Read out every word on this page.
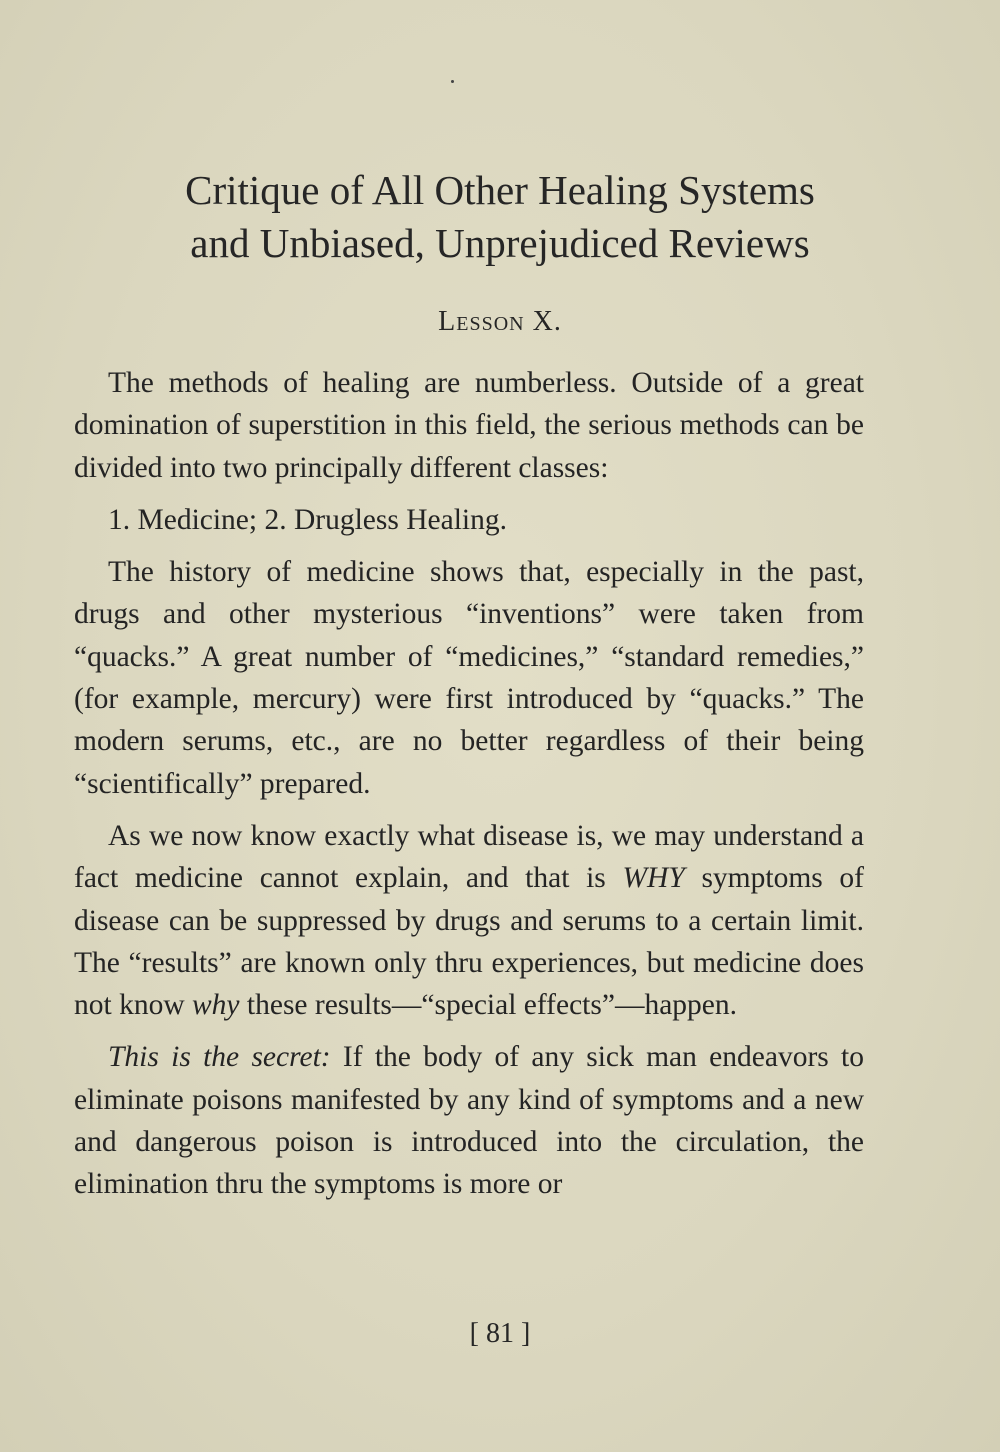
Critique of All Other Healing Systems
and Unbiased, Unprejudiced Reviews
Lesson X.

The methods of healing are numberless. Outside of a great domination of superstition in this field, the serious methods can be divided into two principally different classes:

1. Medicine; 2. Drugless Healing.

The history of medicine shows that, especially in the past, drugs and other mysterious “inventions” were taken from “quacks.” A great number of “medicines,” “standard remedies,” (for example, mercury) were first introduced by “quacks.” The modern serums, etc., are no better regardless of their being “scientifically” prepared.

As we now know exactly what disease is, we may understand a fact medicine cannot explain, and that is WHY symptoms of disease can be suppressed by drugs and serums to a certain limit. The “results” are known only thru experiences, but medicine does not know why these results—“special effects”—happen.

This is the secret: If the body of any sick man endeavors to eliminate poisons manifested by any kind of symptoms and a new and dangerous poison is introduced into the circulation, the elimination thru the symptoms is more or

[ 81 ]
